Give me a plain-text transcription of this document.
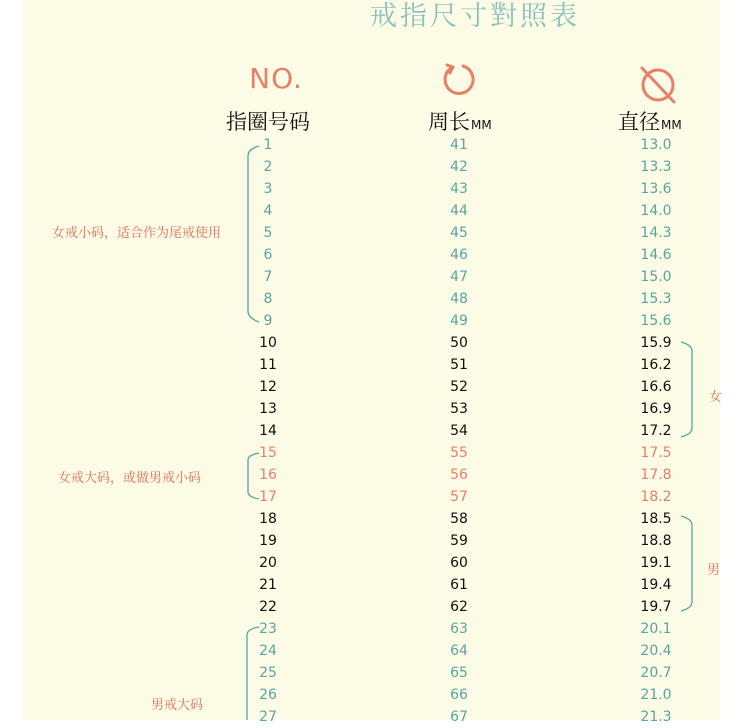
戒指尺寸對照表
NO.
指圈号码	周长MM	直径MM
1	41	13.0
2	42	13.3
3	43	13.6
4	44	14.0
5	45	14.3
6	46	14.6
7	47	15.0
8	48	15.3
9	49	15.6
10	50	15.9
11	51	16.2
12	52	16.6
13	53	16.9
14	54	17.2
15	55	17.5
16	56	17.8
17	57	18.2
18	58	18.5
19	59	18.8
20	60	19.1
21	61	19.4
22	62	19.7
23	63	20.1
24	64	20.4
25	65	20.7
26	66	21.0
27	67	21.3
女戒小码，适合作为尾戒使用
女戒大码，或做男戒小码
男戒大码
女
男
